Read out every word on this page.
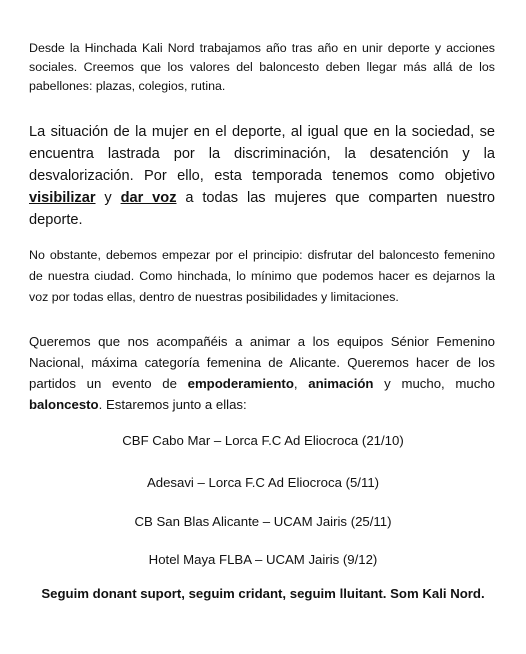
Desde la Hinchada Kali Nord trabajamos año tras año en unir deporte y acciones sociales. Creemos que los valores del baloncesto deben llegar más allá de los pabellones: plazas, colegios, rutina.

La situación de la mujer en el deporte, al igual que en la sociedad, se encuentra lastrada por la discriminación, la desatención y la desvalorización. Por ello, esta temporada tenemos como objetivo visibilizar y dar voz a todas las mujeres que comparten nuestro deporte.

No obstante, debemos empezar por el principio: disfrutar del baloncesto femenino de nuestra ciudad. Como hinchada, lo mínimo que podemos hacer es dejarnos la voz por todas ellas, dentro de nuestras posibilidades y limitaciones.

Queremos que nos acompañéis a animar a los equipos Sénior Femenino Nacional, máxima categoría femenina de Alicante. Queremos hacer de los partidos un evento de empoderamiento, animación y mucho, mucho baloncesto. Estaremos junto a ellas:

CBF Cabo Mar – Lorca F.C Ad Eliocroca (21/10)

Adesavi – Lorca F.C Ad Eliocroca (5/11)

CB San Blas Alicante – UCAM Jairis (25/11)

Hotel Maya FLBA – UCAM Jairis (9/12)

Seguim donant suport, seguim cridant, seguim lluitant. Som Kali Nord.
